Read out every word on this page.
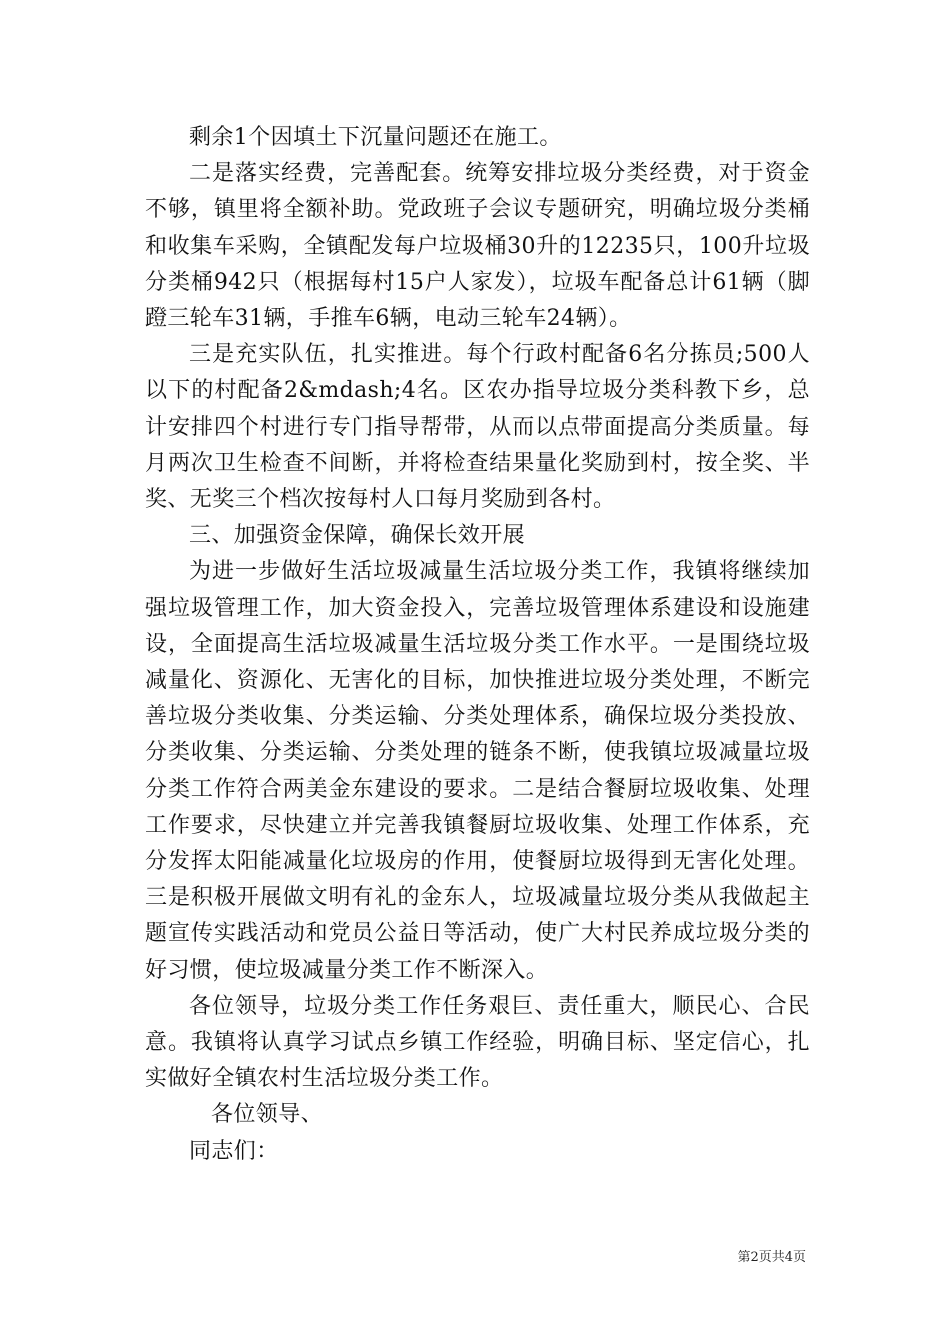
剩余1个因填土下沉量问题还在施工。

二是落实经费，完善配套。统筹安排垃圾分类经费，对于资金不够，镇里将全额补助。党政班子会议专题研究，明确垃圾分类桶和收集车采购，全镇配发每户垃圾桶30升的12235只，100升垃圾分类桶942只（根据每村15户人家发），垃圾车配备总计61辆（脚蹬三轮车31辆，手推车6辆，电动三轮车24辆）。

三是充实队伍，扎实推进。每个行政村配备6名分拣员;500人以下的村配备2&mdash;4名。区农办指导垃圾分类科教下乡，总计安排四个村进行专门指导帮带，从而以点带面提高分类质量。每月两次卫生检查不间断，并将检查结果量化奖励到村，按全奖、半奖、无奖三个档次按每村人口每月奖励到各村。

三、加强资金保障，确保长效开展

为进一步做好生活垃圾减量生活垃圾分类工作，我镇将继续加强垃圾管理工作，加大资金投入，完善垃圾管理体系建设和设施建设，全面提高生活垃圾减量生活垃圾分类工作水平。一是围绕垃圾减量化、资源化、无害化的目标，加快推进垃圾分类处理，不断完善垃圾分类收集、分类运输、分类处理体系，确保垃圾分类投放、分类收集、分类运输、分类处理的链条不断，使我镇垃圾减量垃圾分类工作符合两美金东建设的要求。二是结合餐厨垃圾收集、处理工作要求，尽快建立并完善我镇餐厨垃圾收集、处理工作体系，充分发挥太阳能减量化垃圾房的作用，使餐厨垃圾得到无害化处理。三是积极开展做文明有礼的金东人，垃圾减量垃圾分类从我做起主题宣传实践活动和党员公益日等活动，使广大村民养成垃圾分类的好习惯，使垃圾减量分类工作不断深入。

各位领导，垃圾分类工作任务艰巨、责任重大，顺民心、合民意。我镇将认真学习试点乡镇工作经验，明确目标、坚定信心，扎实做好全镇农村生活垃圾分类工作。

各位领导、

同志们：

第2页共4页
